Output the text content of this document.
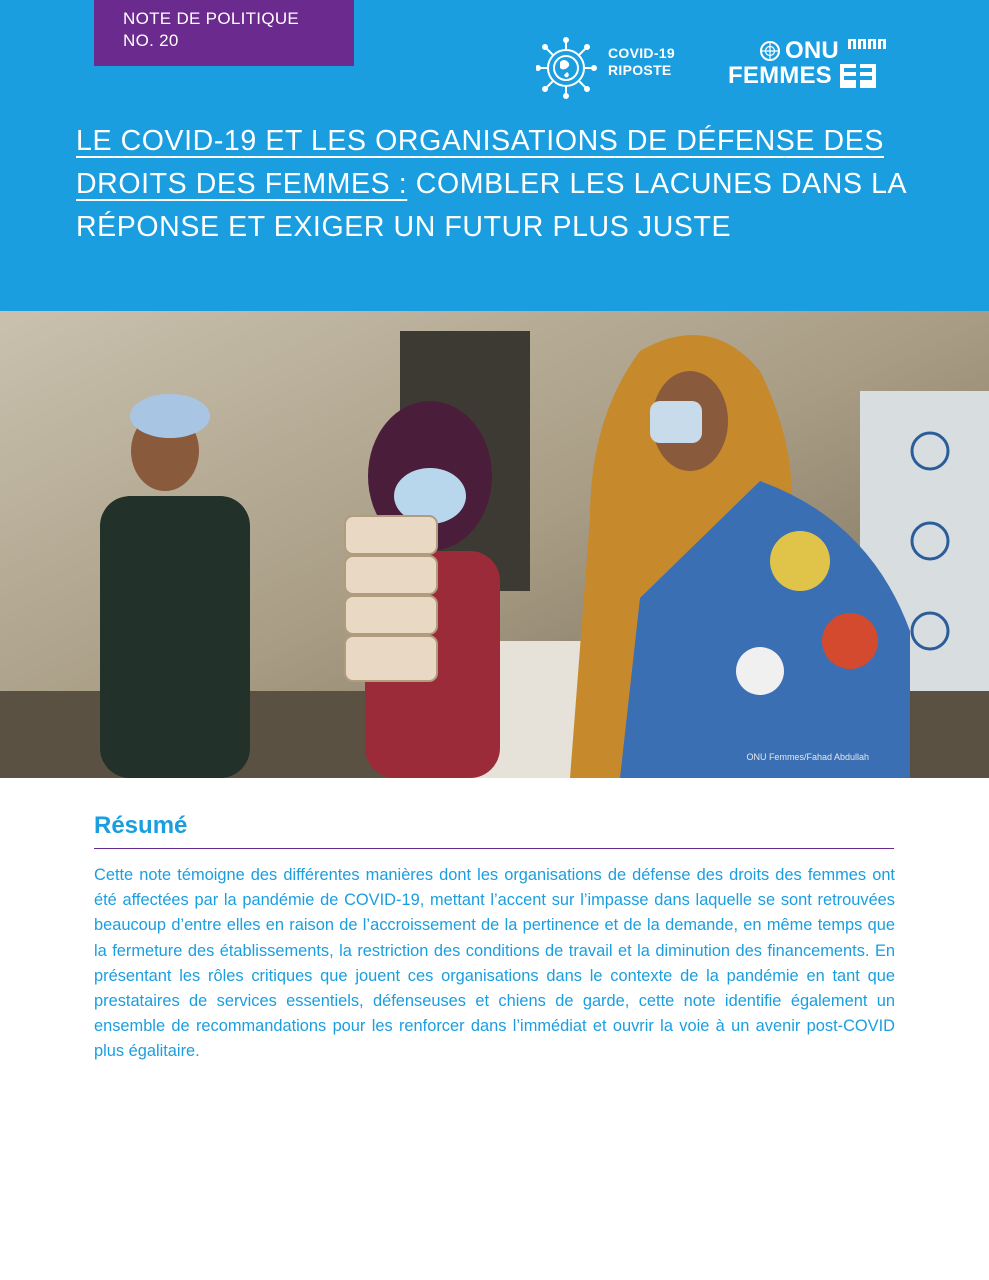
NOTE DE POLITIQUE
NO. 20
COVID-19
RIPOSTE
ONU
FEMMES
LE COVID-19 ET LES ORGANISATIONS DE DÉFENSE DES DROITS DES FEMMES : COMBLER LES LACUNES DANS LA RÉPONSE ET EXIGER UN FUTUR PLUS JUSTE
ONU Femmes/Fahad Abdullah
Résumé

Cette note témoigne des différentes manières dont les organisations de défense des droits des femmes ont été affectées par la pandémie de COVID-19, mettant l’accent sur l’impasse dans laquelle se sont retrouvées beaucoup d’entre elles en raison de l’accroissement de la pertinence et de la demande, en même temps que la fermeture des établissements, la restriction des conditions de travail et la diminution des financements. En présentant les rôles critiques que jouent ces organisations dans le contexte de la pandémie en tant que prestataires de services essentiels, défenseuses et chiens de garde, cette note identifie également un ensemble de recommandations pour les renforcer dans l’immédiat et ouvrir la voie à un avenir post-COVID plus égalitaire.
